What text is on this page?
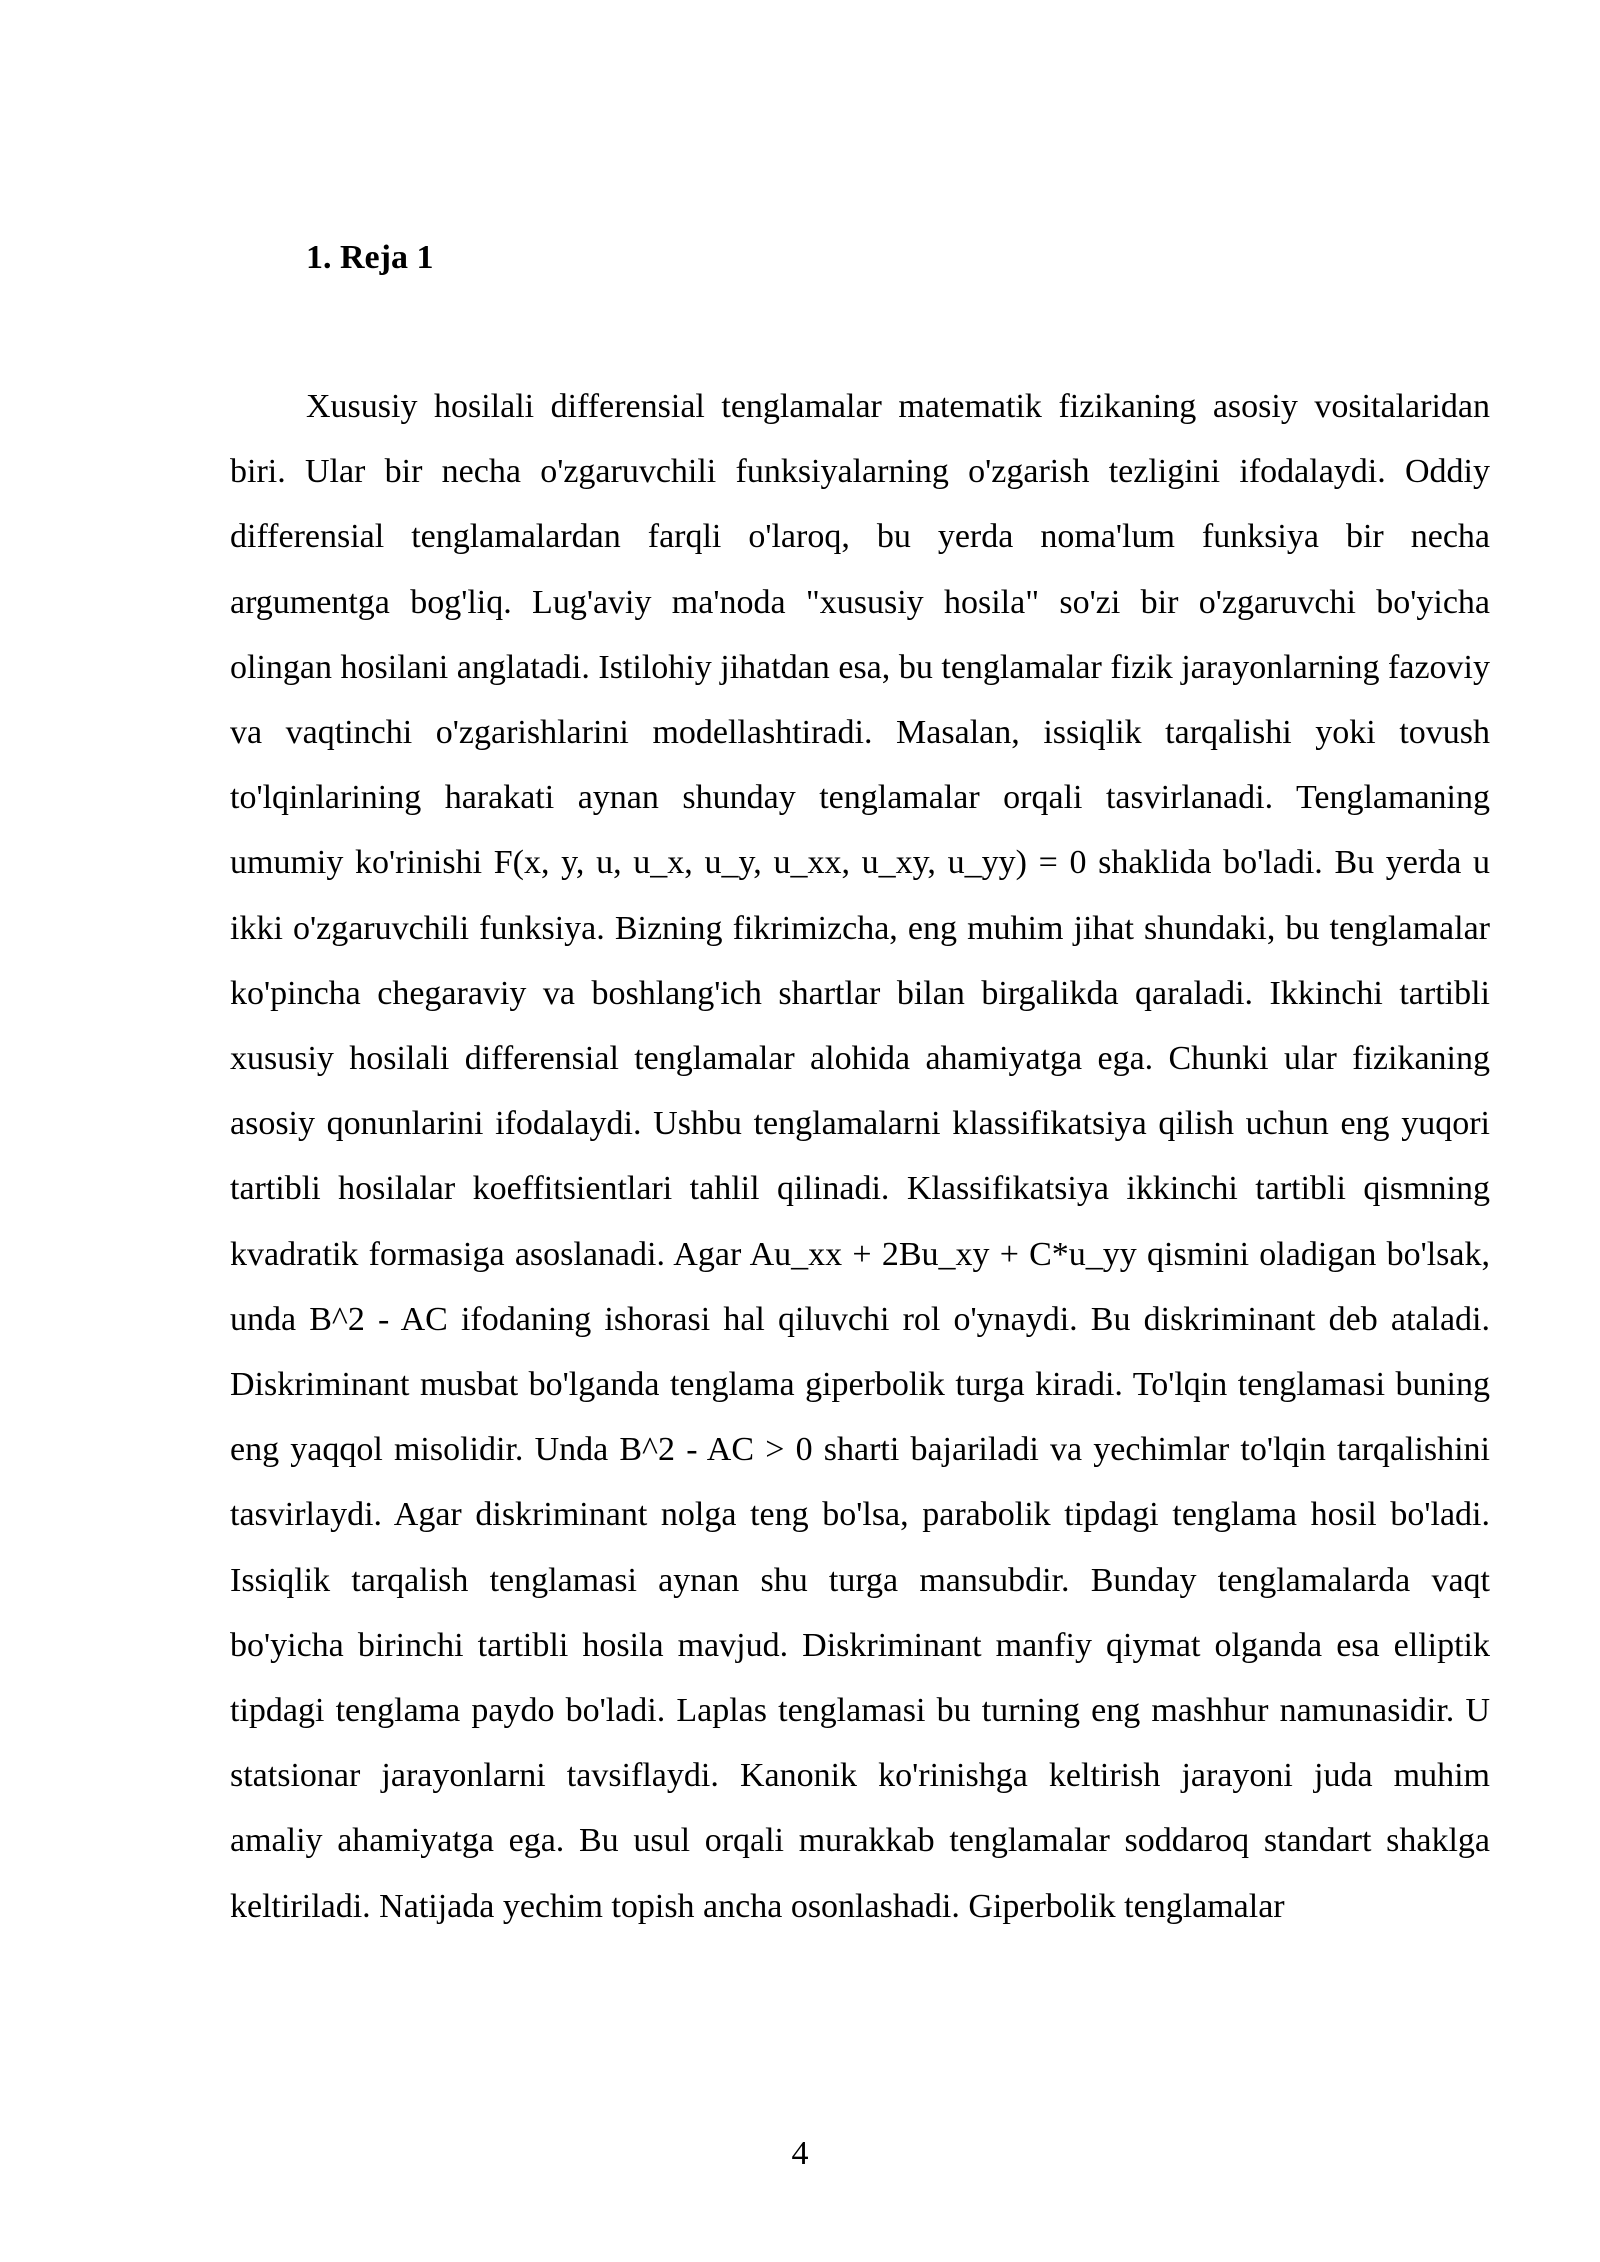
1. Reja 1

Xususiy hosilali differensial tenglamalar matematik fizikaning asosiy vositalaridan biri. Ular bir necha o'zgaruvchili funksiyalarning o'zgarish tezligini ifodalaydi. Oddiy differensial tenglamalardan farqli o'laroq, bu yerda noma'lum funksiya bir necha argumentga bog'liq. Lug'aviy ma'noda "xususiy hosila" so'zi bir o'zgaruvchi bo'yicha olingan hosilani anglatadi. Istilohiy jihatdan esa, bu tenglamalar fizik jarayonlarning fazoviy va vaqtinchi o'zgarishlarini modellashtiradi. Masalan, issiqlik tarqalishi yoki tovush to'lqinlarining harakati aynan shunday tenglamalar orqali tasvirlanadi. Tenglamaning umumiy ko'rinishi F(x, y, u, u_x, u_y, u_xx, u_xy, u_yy) = 0 shaklida bo'ladi. Bu yerda u ikki o'zgaruvchili funksiya. Bizning fikrimizcha, eng muhim jihat shundaki, bu tenglamalar ko'pincha chegaraviy va boshlang'ich shartlar bilan birgalikda qaraladi. Ikkinchi tartibli xususiy hosilali differensial tenglamalar alohida ahamiyatga ega. Chunki ular fizikaning asosiy qonunlarini ifodalaydi. Ushbu tenglamalarni klassifikatsiya qilish uchun eng yuqori tartibli hosilalar koeffitsientlari tahlil qilinadi. Klassifikatsiya ikkinchi tartibli qismning kvadratik formasiga asoslanadi. Agar Au_xx + 2Bu_xy + C*u_yy qismini oladigan bo'lsak, unda B^2 - AC ifodaning ishorasi hal qiluvchi rol o'ynaydi. Bu diskriminant deb ataladi. Diskriminant musbat bo'lganda tenglama giperbolik turga kiradi. To'lqin tenglamasi buning eng yaqqol misolidir. Unda B^2 - AC > 0 sharti bajariladi va yechimlar to'lqin tarqalishini tasvirlaydi. Agar diskriminant nolga teng bo'lsa, parabolik tipdagi tenglama hosil bo'ladi. Issiqlik tarqalish tenglamasi aynan shu turga mansubdir. Bunday tenglamalarda vaqt bo'yicha birinchi tartibli hosila mavjud. Diskriminant manfiy qiymat olganda esa elliptik tipdagi tenglama paydo bo'ladi. Laplas tenglamasi bu turning eng mashhur namunasidir. U statsionar jarayonlarni tavsiflaydi. Kanonik ko'rinishga keltirish jarayoni juda muhim amaliy ahamiyatga ega. Bu usul orqali murakkab tenglamalar soddaroq standart shaklga keltiriladi. Natijada yechim topish ancha osonlashadi. Giperbolik tenglamalar

4
